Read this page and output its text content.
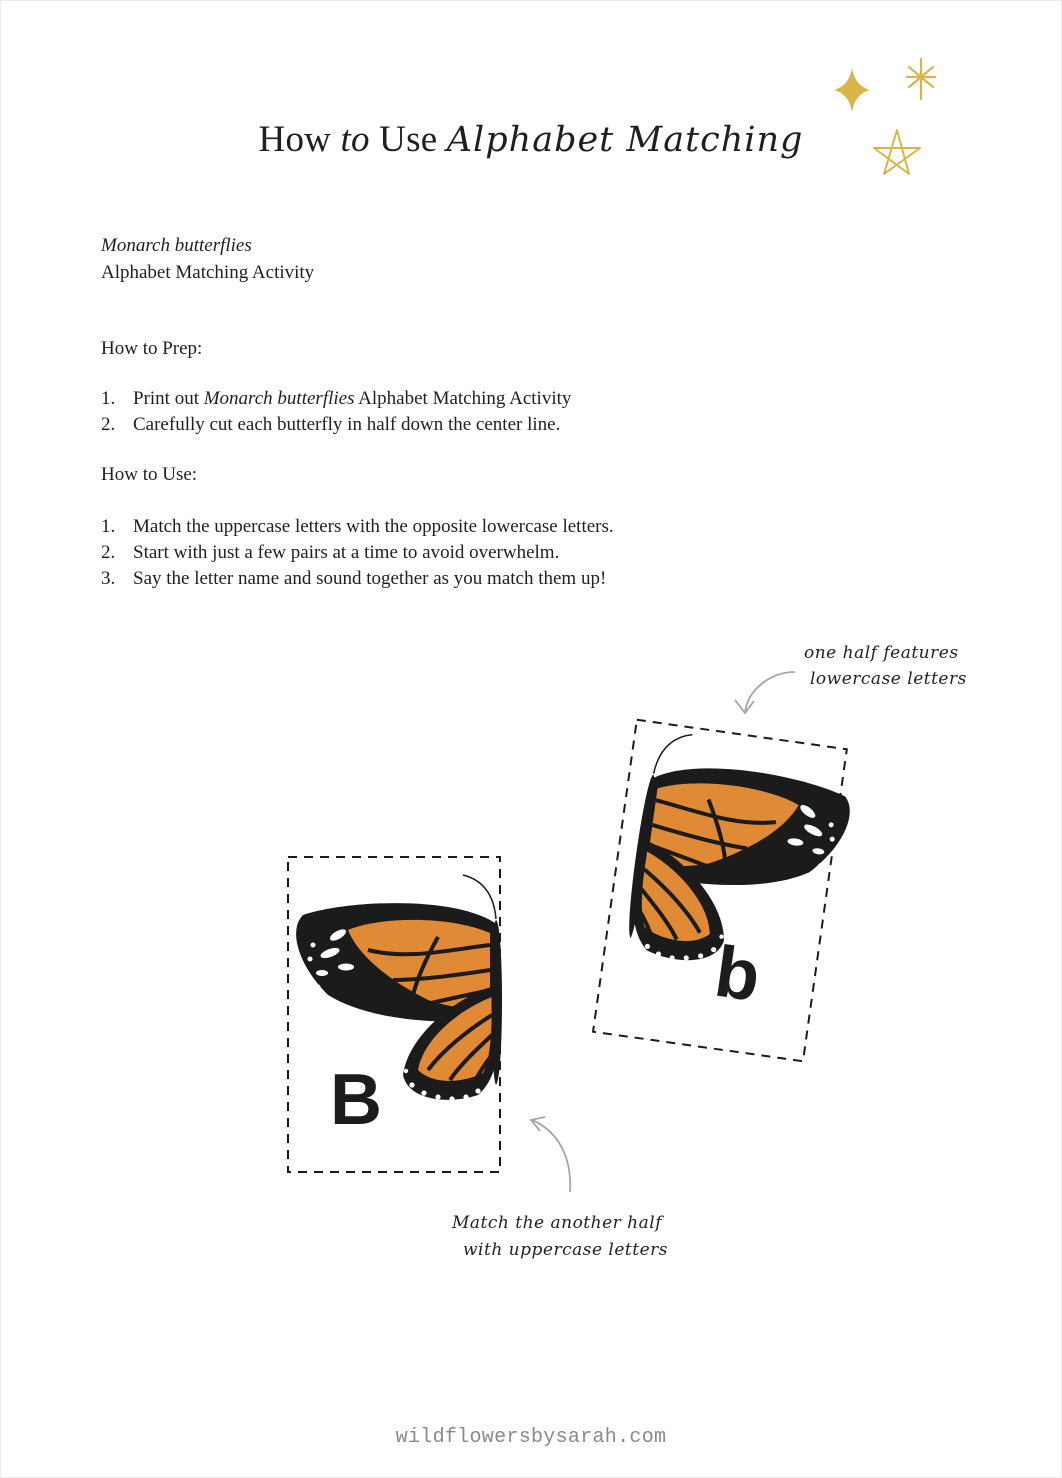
How to Use Alphabet Matching
Monarch butterflies
Alphabet Matching Activity
How to Prep:
1. Print out Monarch butterflies Alphabet Matching Activity
2. Carefully cut each butterfly in half down the center line.
How to Use:
1. Match the uppercase letters with the opposite lowercase letters.
2. Start with just a few pairs at a time to avoid overwhelm.
3. Say the letter name and sound together as you match them up!
B
b
one half features
lowercase letters
Match the another half
with uppercase letters
wildflowersbysarah.com
